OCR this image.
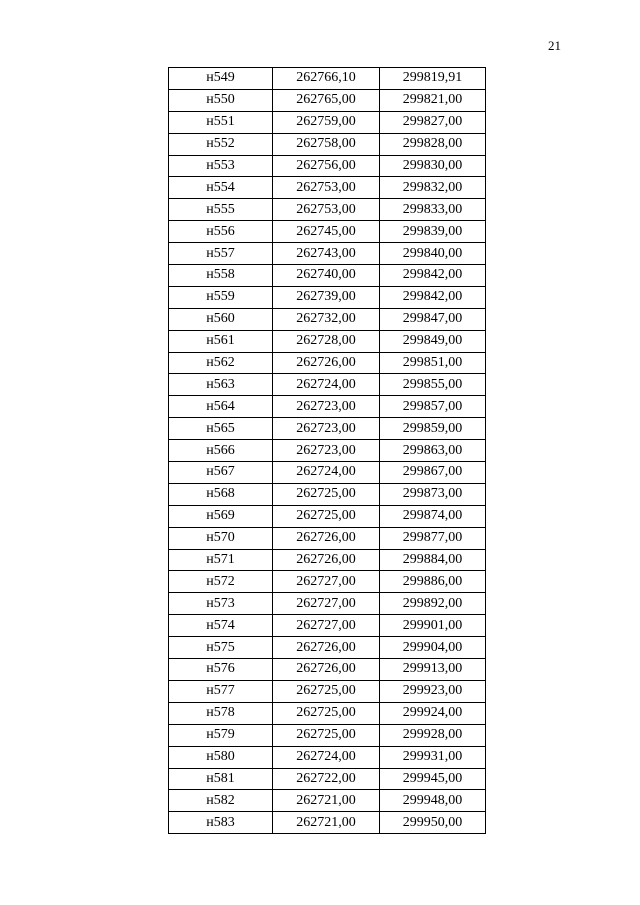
21
н549	262766,10	299819,91
н550	262765,00	299821,00
н551	262759,00	299827,00
н552	262758,00	299828,00
н553	262756,00	299830,00
н554	262753,00	299832,00
н555	262753,00	299833,00
н556	262745,00	299839,00
н557	262743,00	299840,00
н558	262740,00	299842,00
н559	262739,00	299842,00
н560	262732,00	299847,00
н561	262728,00	299849,00
н562	262726,00	299851,00
н563	262724,00	299855,00
н564	262723,00	299857,00
н565	262723,00	299859,00
н566	262723,00	299863,00
н567	262724,00	299867,00
н568	262725,00	299873,00
н569	262725,00	299874,00
н570	262726,00	299877,00
н571	262726,00	299884,00
н572	262727,00	299886,00
н573	262727,00	299892,00
н574	262727,00	299901,00
н575	262726,00	299904,00
н576	262726,00	299913,00
н577	262725,00	299923,00
н578	262725,00	299924,00
н579	262725,00	299928,00
н580	262724,00	299931,00
н581	262722,00	299945,00
н582	262721,00	299948,00
н583	262721,00	299950,00
